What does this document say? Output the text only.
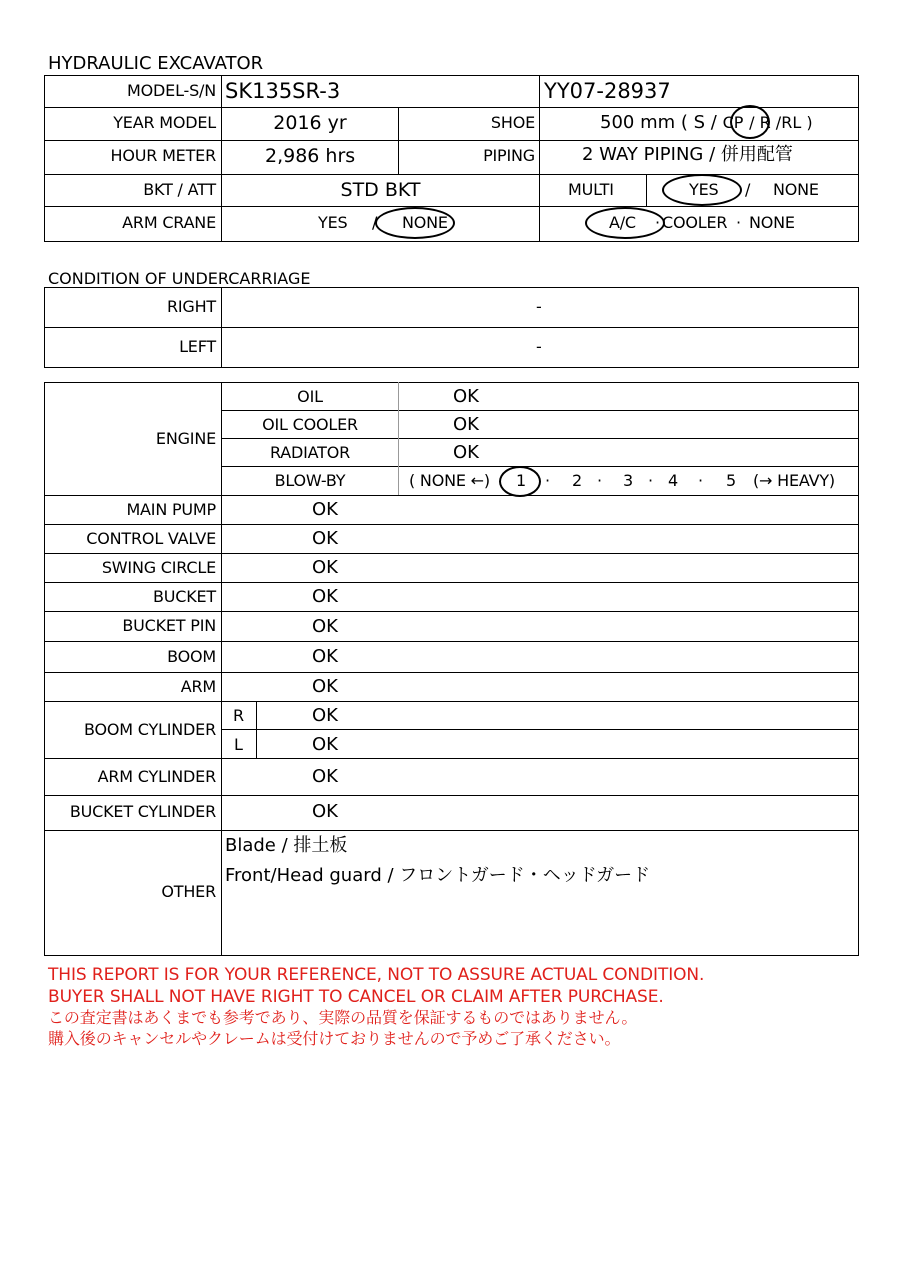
HYDRAULIC EXCAVATOR
MODEL-S/N SK135SR-3	YY07-28937
YEAR MODEL	2016 yr	SHOE	500 mm ( S / CP / R /RL )
HOUR METER	2,986 hrs	PIPING	2 WAY PIPING / 併用配管
BKT / ATT	STD BKT	MULTI	YES / NONE
ARM CRANE	YES / NONE	A/C · COOLER · NONE
CONDITION OF UNDERCARRIAGE
RIGHT	-
LEFT	-
ENGINE
OIL	OK
OIL COOLER	OK
RADIATOR	OK
BLOW-BY	( NONE ←) 1 · 2 · 3 · 4 · 5 (→ HEAVY)
MAIN PUMP	OK
CONTROL VALVE	OK
SWING CIRCLE	OK
BUCKET	OK
BUCKET PIN	OK
BOOM	OK
ARM	OK
BOOM CYLINDER
R	OK
L	OK
ARM CYLINDER	OK
BUCKET CYLINDER	OK
OTHER
Blade / 排土板
Front/Head guard / フロントガード・ヘッドガード
THIS REPORT IS FOR YOUR REFERENCE, NOT TO ASSURE ACTUAL CONDITION.
BUYER SHALL NOT HAVE RIGHT TO CANCEL OR CLAIM AFTER PURCHASE.
この査定書はあくまでも参考であり、実際の品質を保証するものではありません。
購入後のキャンセルやクレームは受付けておりませんので予めご了承ください。
